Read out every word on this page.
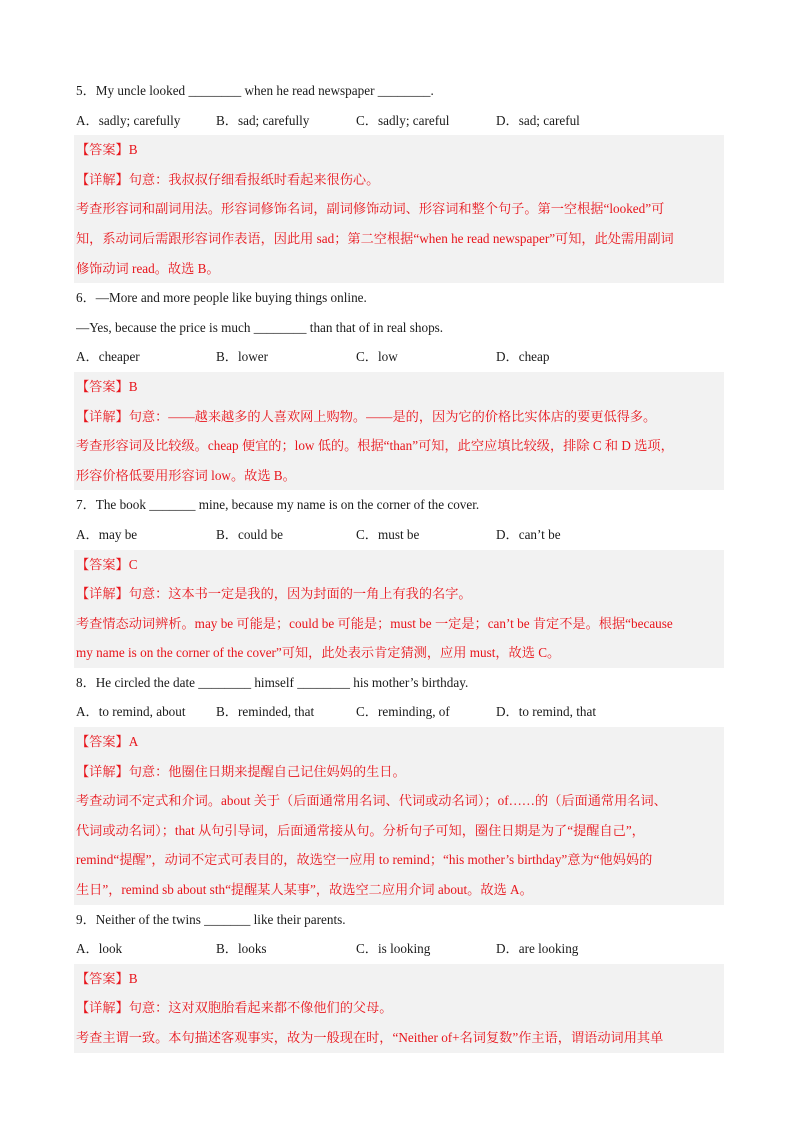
5．My uncle looked ________ when he read newspaper ________.
A．sadly; carefully	B．sad; carefully	C．sadly; careful	D．sad; careful
【答案】B
【详解】句意：我叔叔仔细看报纸时看起来很伤心。
考查形容词和副词用法。形容词修饰名词，副词修饰动词、形容词和整个句子。第一空根据“looked”可
知，系动词后需跟形容词作表语，因此用 sad；第二空根据“when he read newspaper”可知，此处需用副词
修饰动词 read。故选 B。
6．—More and more people like buying things online.
—Yes, because the price is much ________ than that of in real shops.
A．cheaper	B．lower	C．low	D．cheap
【答案】B
【详解】句意：——越来越多的人喜欢网上购物。——是的，因为它的价格比实体店的要更低得多。
考查形容词及比较级。cheap 便宜的；low 低的。根据“than”可知，此空应填比较级，排除 C 和 D 选项，
形容价格低要用形容词 low。故选 B。
7．The book _______ mine, because my name is on the corner of the cover.
A．may be	B．could be	C．must be	D．can’t be
【答案】C
【详解】句意：这本书一定是我的，因为封面的一角上有我的名字。
考查情态动词辨析。may be 可能是；could be 可能是；must be 一定是；can’t be 肯定不是。根据“because
my name is on the corner of the cover”可知，此处表示肯定猜测，应用 must，故选 C。
8．He circled the date ________ himself ________ his mother’s birthday.
A．to remind, about	B．reminded, that	C．reminding, of	D．to remind, that
【答案】A
【详解】句意：他圈住日期来提醒自己记住妈妈的生日。
考查动词不定式和介词。about 关于（后面通常用名词、代词或动名词）；of……的（后面通常用名词、
代词或动名词）；that 从句引导词，后面通常接从句。分析句子可知，圈住日期是为了“提醒自己”，
remind“提醒”，动词不定式可表目的，故选空一应用 to remind；“his mother’s birthday”意为“他妈妈的
生日”，remind sb about sth“提醒某人某事”，故选空二应用介词 about。故选 A。
9．Neither of the twins _______ like their parents.
A．look	B．looks	C．is looking	D．are looking
【答案】B
【详解】句意：这对双胞胎看起来都不像他们的父母。
考查主谓一致。本句描述客观事实，故为一般现在时，“Neither of+名词复数”作主语，谓语动词用其单
